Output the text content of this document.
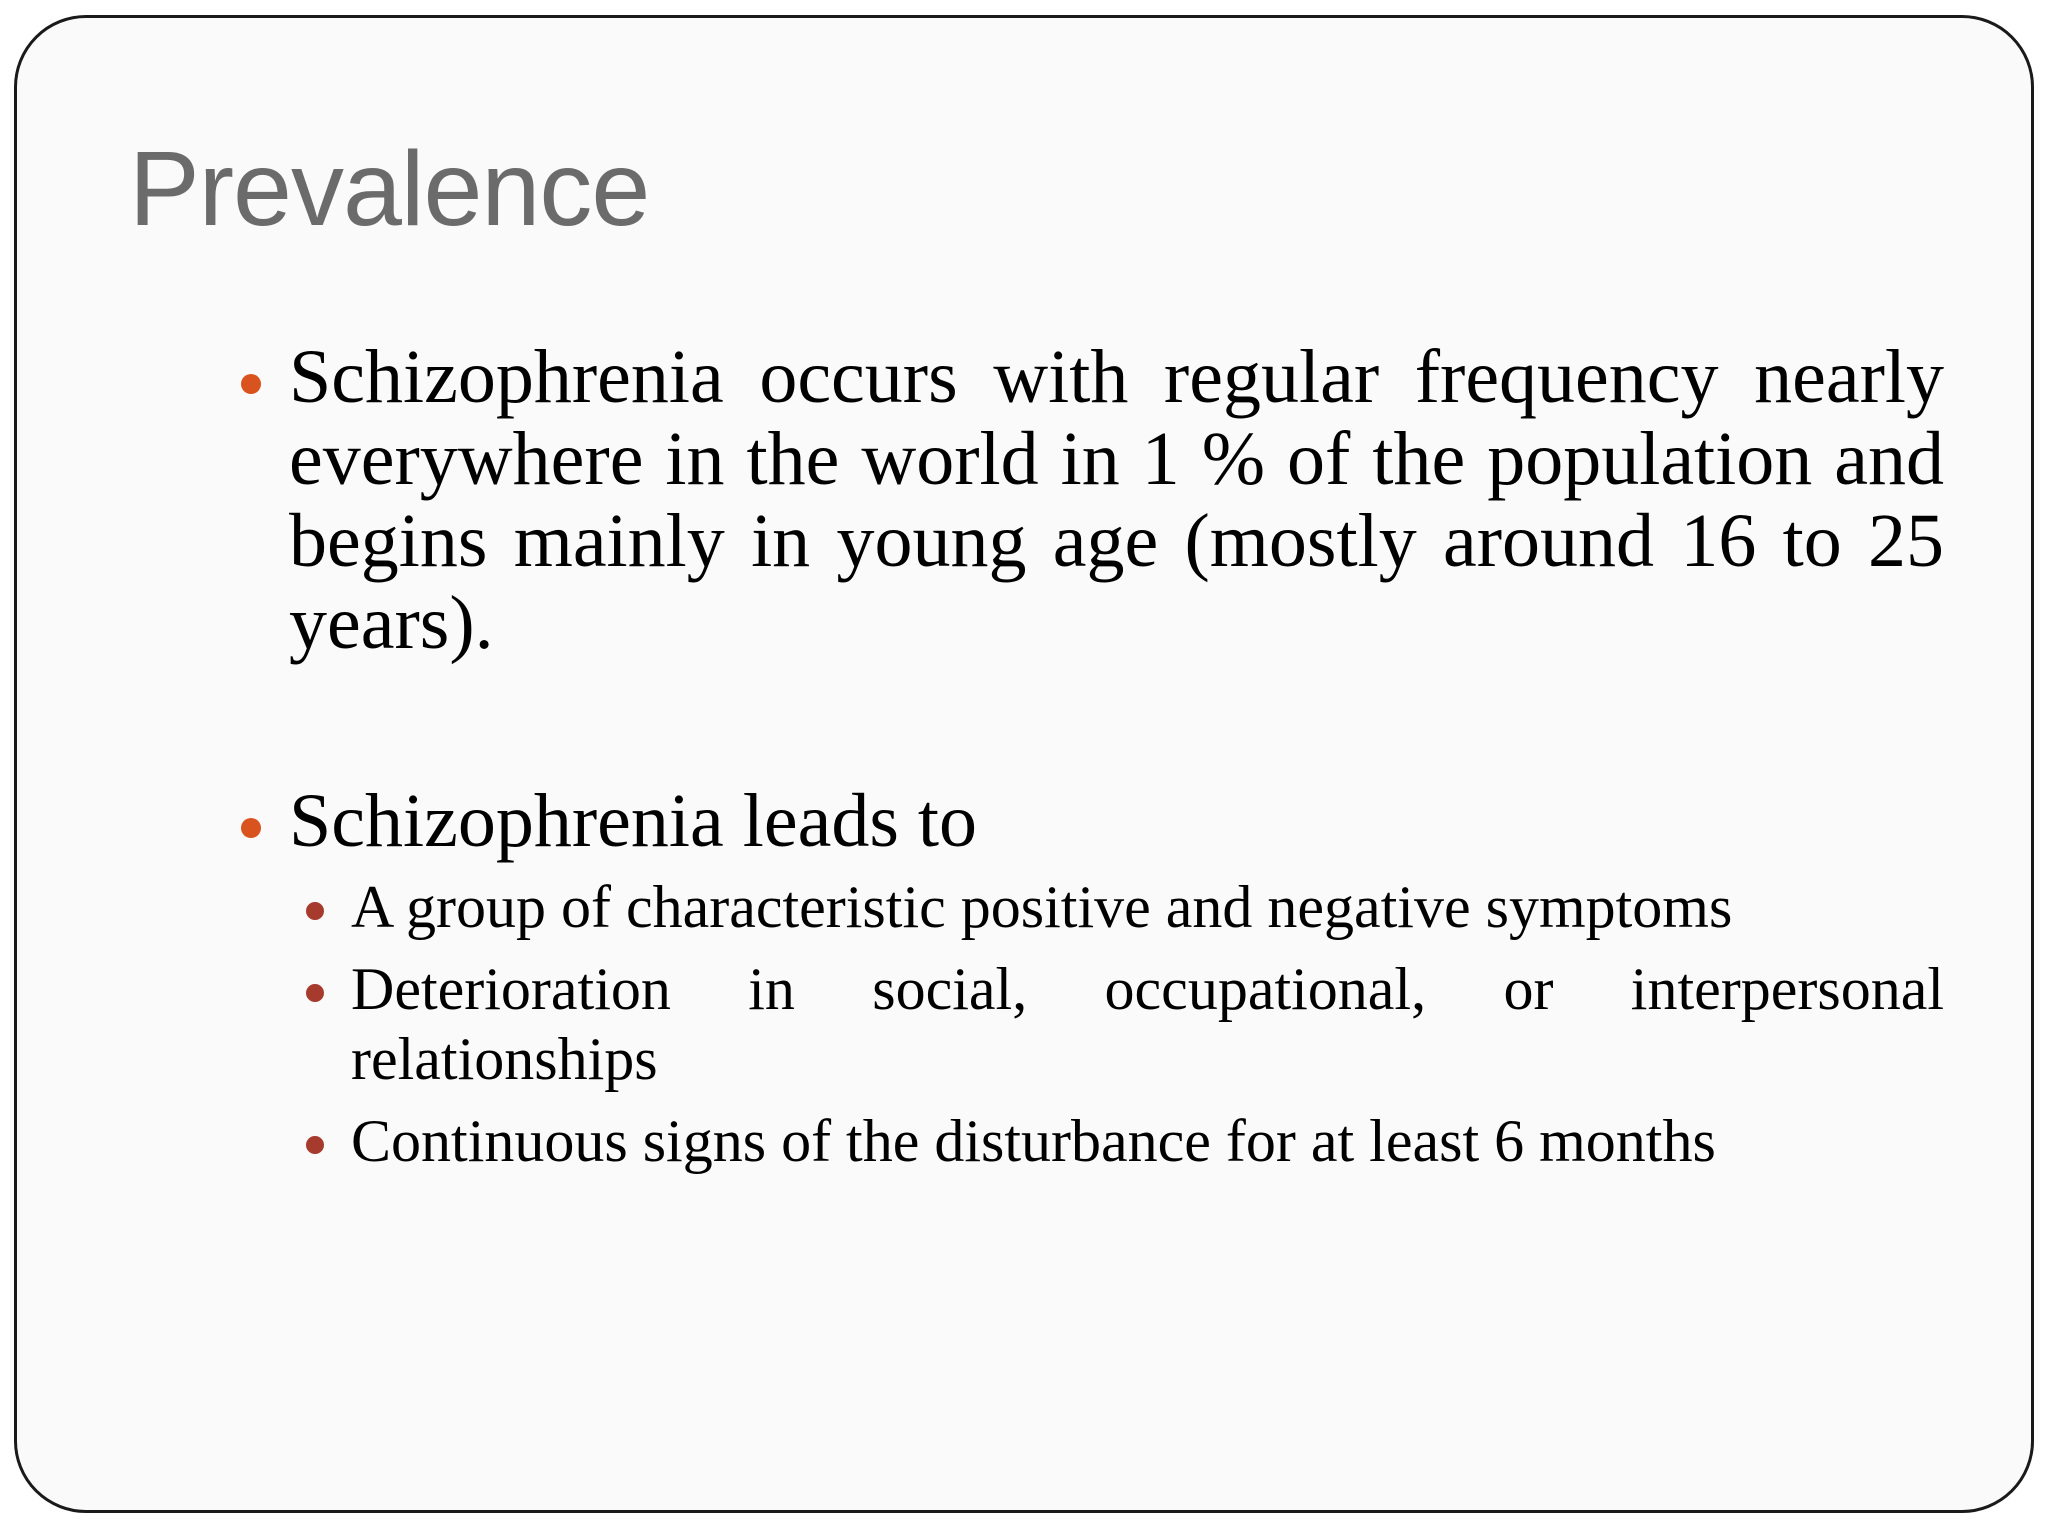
Prevalence
Schizophrenia occurs with regular frequency nearly everywhere in the world in 1 % of the population and begins mainly in young age (mostly around 16 to 25 years).
Schizophrenia leads to
A group of characteristic positive and negative symptoms
Deterioration in social, occupational, or interpersonal relationships
Continuous signs of the disturbance for at least 6 months
